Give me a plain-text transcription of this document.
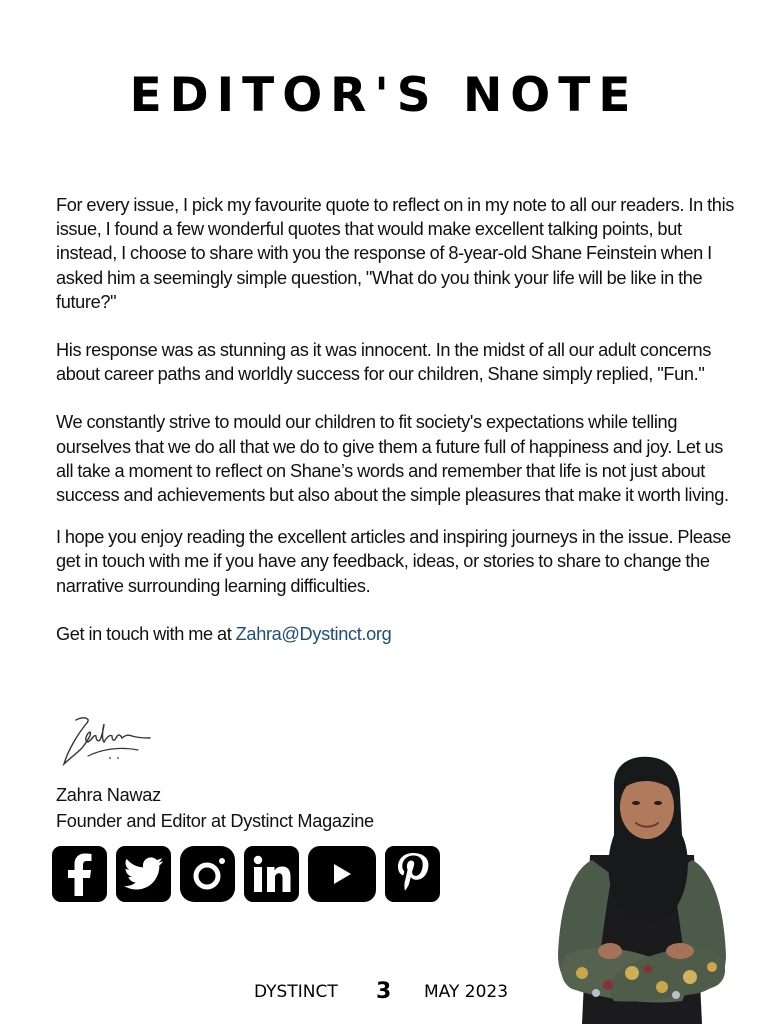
EDITOR'S NOTE

For every issue, I pick my favourite quote to reflect on in my note to all our readers. In this issue, I found a few wonderful quotes that would make excellent talking points, but instead, I choose to share with you the response of 8-year-old Shane Feinstein when I asked him a seemingly simple question, "What do you think your life will be like in the future?"

His response was as stunning as it was innocent. In the midst of all our adult concerns about career paths and worldly success for our children, Shane simply replied, "Fun."

We constantly strive to mould our children to fit society's expectations while telling ourselves that we do all that we do to give them a future full of happiness and joy. Let us all take a moment to reflect on Shane’s words and remember that life is not just about success and achievements but also about the simple pleasures that make it worth living.

I hope you enjoy reading the excellent articles and inspiring journeys in the issue. Please get in touch with me if you have any feedback, ideas, or stories to share to change the narrative surrounding learning difficulties.

Get in touch with me at Zahra@Dystinct.org

Zahra Nawaz
Founder and Editor at Dystinct Magazine
DYSTINCT 3 MAY 2023
